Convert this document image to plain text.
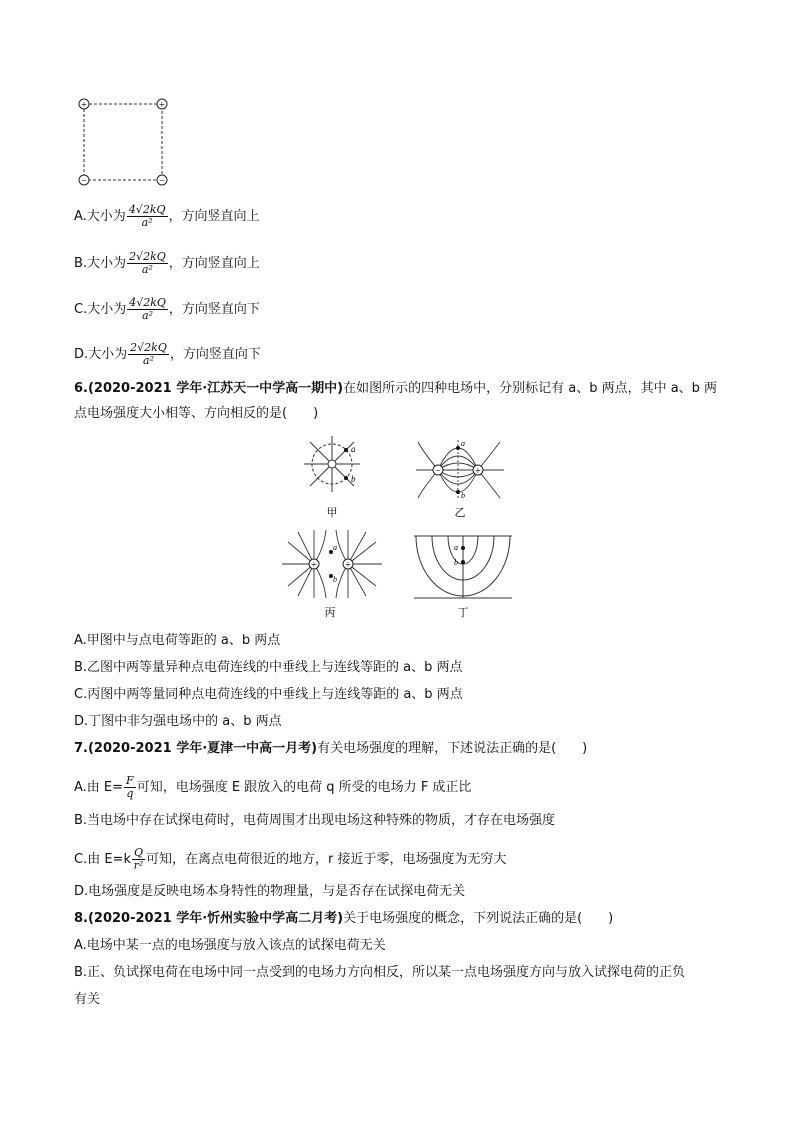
+	+
−	−
A.大小为 $\frac{4√2kQ}{\text{a²}}$ ，方向竖直向上
B.大小为 $\frac{2√2kQ}{\text{a²}}$ ，方向竖直向上
C.大小为 $\frac{4√2kQ}{\text{a²}}$ ，方向竖直向下
D.大小为 $\frac{2√2kQ}{\text{a²}}$ ，方向竖直向下
6.(2020-2021 学年·江苏天一中学高一期中)在如图所示的四种电场中，分别标记有 a、b 两点，其中 a、b 两
点电场强度大小相等、方向相反的是(　　)
a
b
甲
−	+
a
b
乙
+	+
a
b
丙
a
b
丁
A.甲图中与点电荷等距的 a、b 两点
B.乙图中两等量异种点电荷连线的中垂线上与连线等距的 a、b 两点
C.丙图中两等量同种点电荷连线的中垂线上与连线等距的 a、b 两点
D.丁图中非匀强电场中的 a、b 两点
7.(2020-2021 学年·夏津一中高一月考)有关电场强度的理解，下述说法正确的是(　　)
A.由 $E= \frac{F}{q}$ 可知，电场强度 E 跟放入的电荷 q 所受的电场力 F 成正比
B.当电场中存在试探电荷时，电荷周围才出现电场这种特殊的物质，才存在电场强度
C.由 $E=k \frac{Q}{\text{r²}}$ 可知，在离点电荷很近的地方，r 接近于零，电场强度为无穷大
D.电场强度是反映电场本身特性的物理量，与是否存在试探电荷无关
8.(2020-2021 学年·忻州实验中学高二月考)关于电场强度的概念，下列说法正确的是(　　)
A.电场中某一点的电场强度与放入该点的试探电荷无关
B.正、负试探电荷在电场中同一点受到的电场力方向相反，所以某一点电场强度方向与放入试探电荷的正负
有关
